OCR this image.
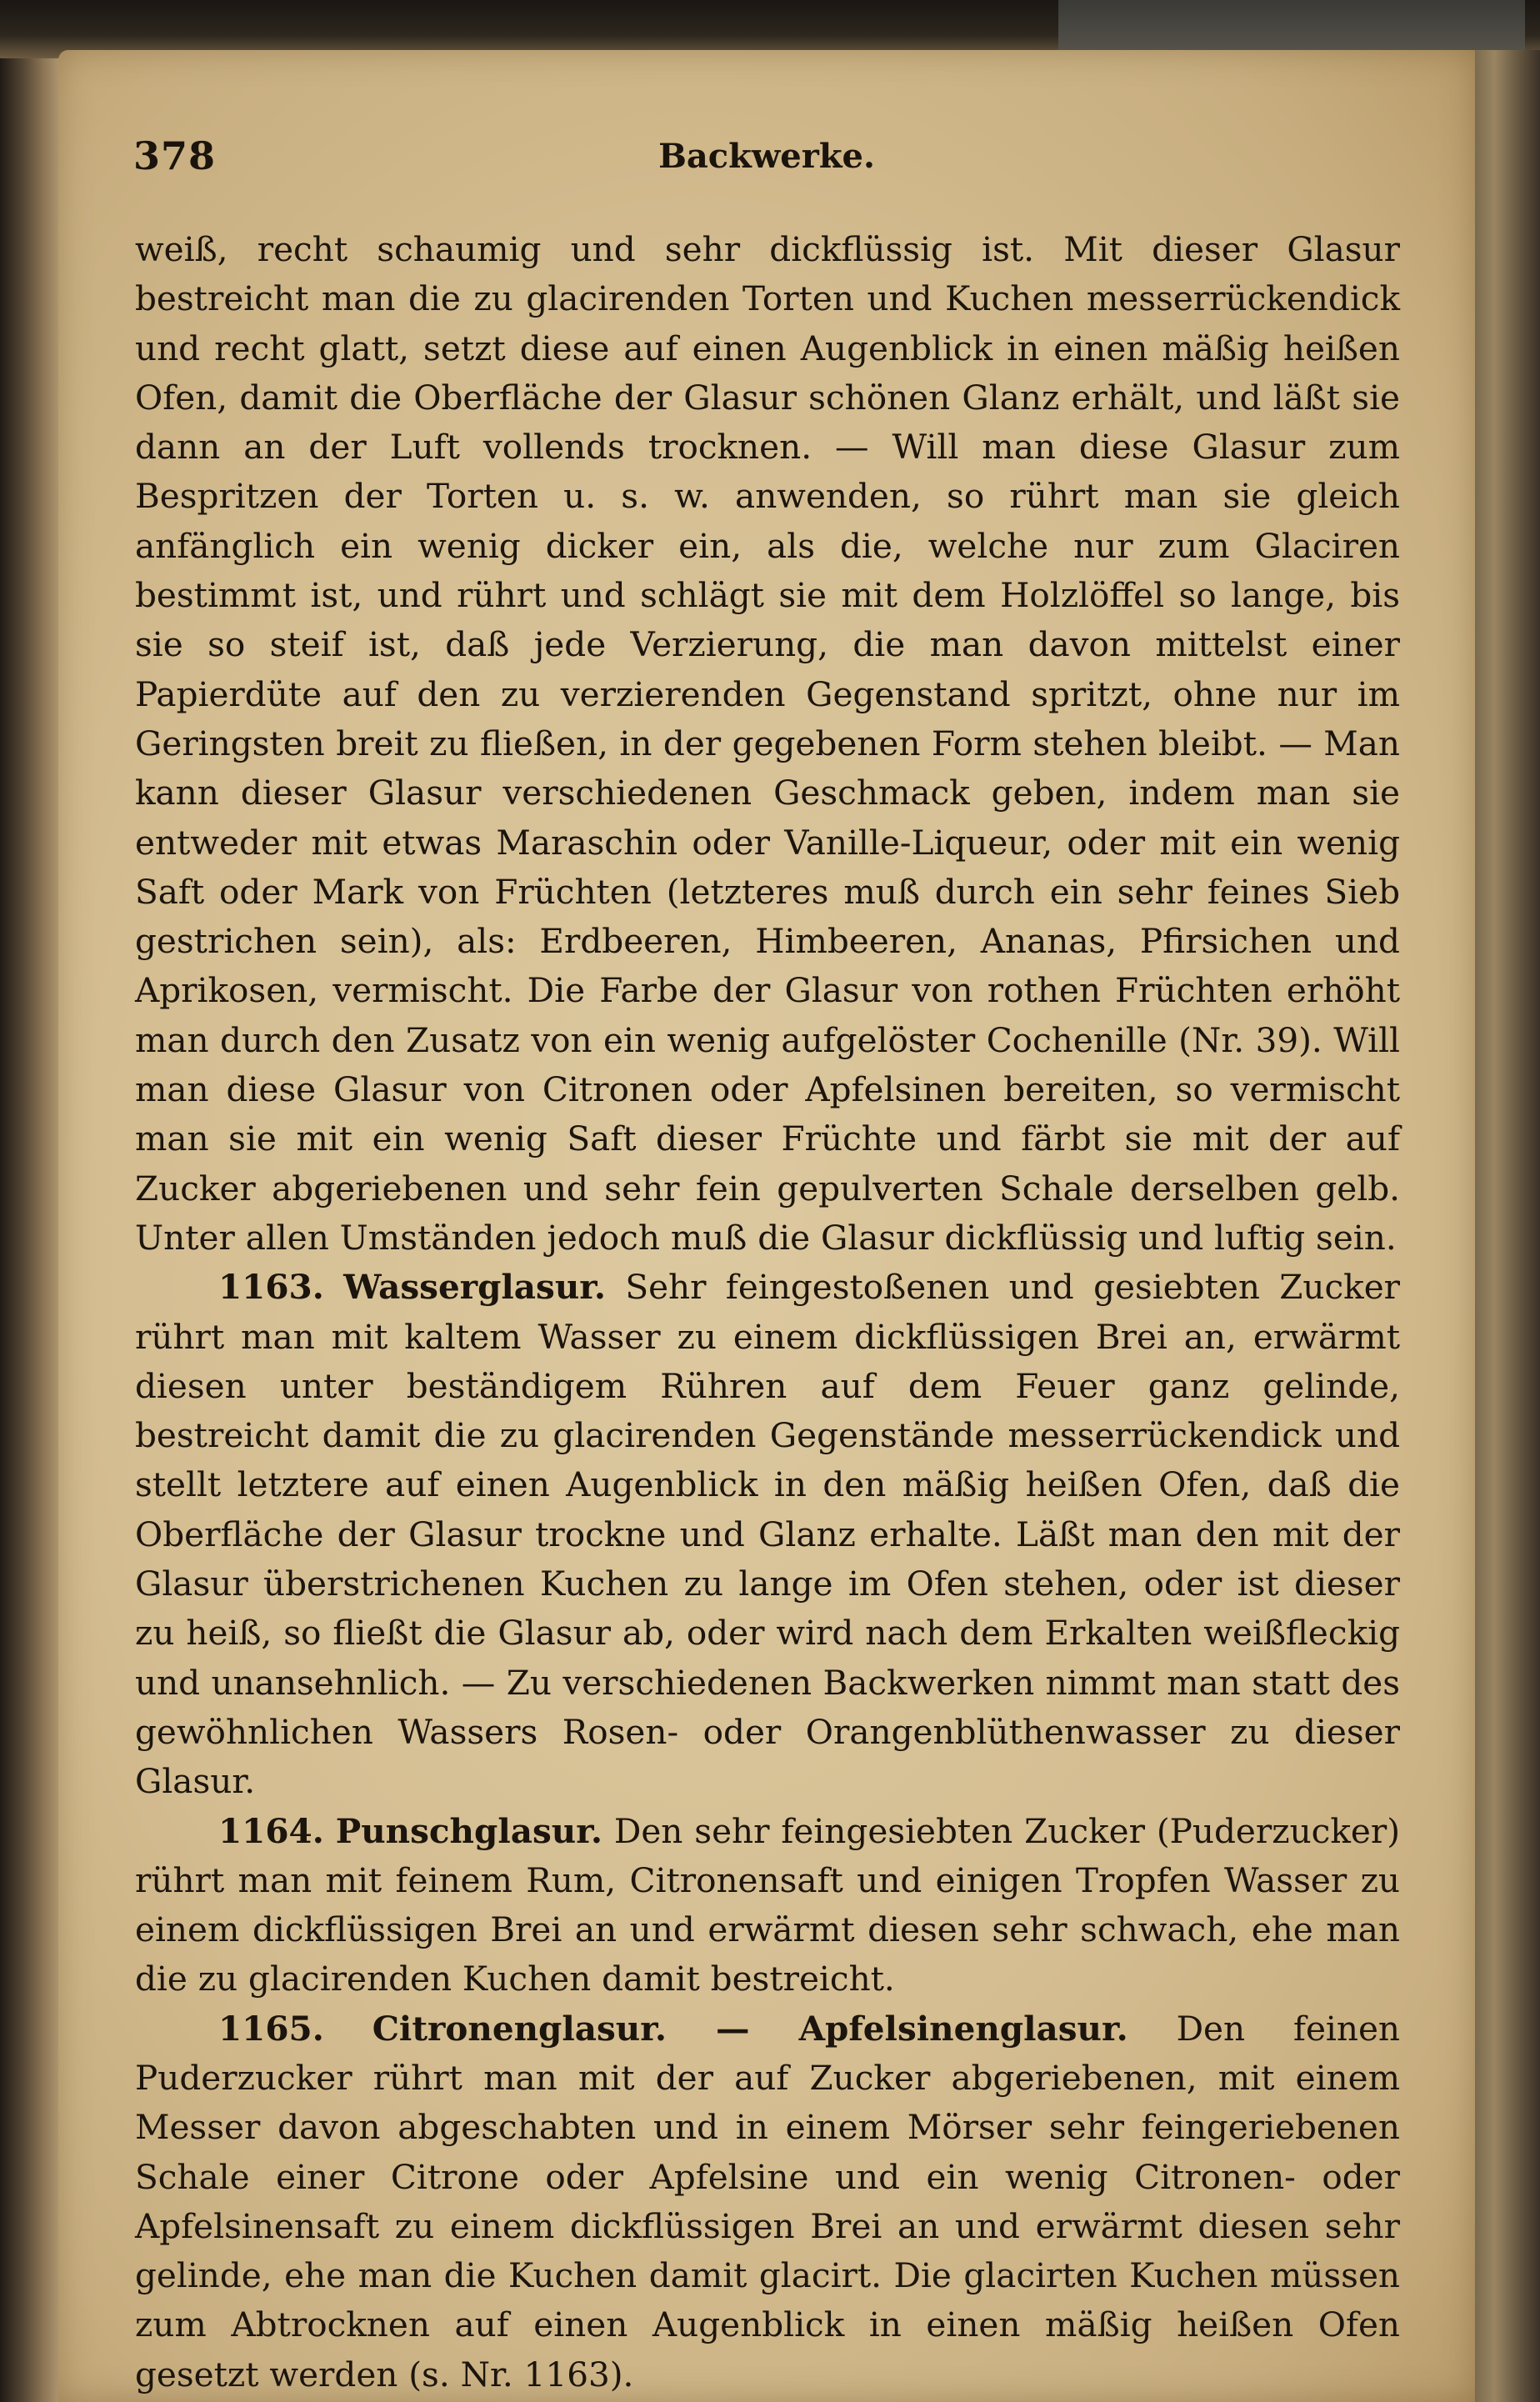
378	Backwerke.

weiß, recht schaumig und sehr dickflüssig ist. Mit dieser Glasur bestreicht man die zu glacirenden Torten und Kuchen messerrückendick und recht glatt, setzt diese auf einen Augenblick in einen mäßig heißen Ofen, damit die Oberfläche der Glasur schönen Glanz erhält, und läßt sie dann an der Luft vollends trocknen. — Will man diese Glasur zum Bespritzen der Torten u. s. w. anwenden, so rührt man sie gleich anfänglich ein wenig dicker ein, als die, welche nur zum Glaciren bestimmt ist, und rührt und schlägt sie mit dem Holzlöffel so lange, bis sie so steif ist, daß jede Verzierung, die man davon mittelst einer Papierdüte auf den zu verzierenden Gegenstand spritzt, ohne nur im Geringsten breit zu fließen, in der gegebenen Form stehen bleibt. — Man kann dieser Glasur verschiedenen Geschmack geben, indem man sie entweder mit etwas Maraschin oder Vanille-Liqueur, oder mit ein wenig Saft oder Mark von Früchten (letzteres muß durch ein sehr feines Sieb gestrichen sein), als: Erdbeeren, Himbeeren, Ananas, Pfirsichen und Aprikosen, vermischt. Die Farbe der Glasur von rothen Früchten erhöht man durch den Zusatz von ein wenig aufgelöster Cochenille (Nr. 39). Will man diese Glasur von Citronen oder Apfelsinen bereiten, so vermischt man sie mit ein wenig Saft dieser Früchte und färbt sie mit der auf Zucker abgeriebenen und sehr fein gepulverten Schale derselben gelb. Unter allen Umständen jedoch muß die Glasur dickflüssig und luftig sein.

1163. Wasserglasur. Sehr feingestoßenen und gesiebten Zucker rührt man mit kaltem Wasser zu einem dickflüssigen Brei an, erwärmt diesen unter beständigem Rühren auf dem Feuer ganz gelinde, bestreicht damit die zu glacirenden Gegenstände messerrückendick und stellt letztere auf einen Augenblick in den mäßig heißen Ofen, daß die Oberfläche der Glasur trockne und Glanz erhalte. Läßt man den mit der Glasur überstrichenen Kuchen zu lange im Ofen stehen, oder ist dieser zu heiß, so fließt die Glasur ab, oder wird nach dem Erkalten weißfleckig und unansehnlich. — Zu verschiedenen Backwerken nimmt man statt des gewöhnlichen Wassers Rosen- oder Orangenblüthenwasser zu dieser Glasur.

1164. Punschglasur. Den sehr feingesiebten Zucker (Puderzucker) rührt man mit feinem Rum, Citronensaft und einigen Tropfen Wasser zu einem dickflüssigen Brei an und erwärmt diesen sehr schwach, ehe man die zu glacirenden Kuchen damit bestreicht.

1165. Citronenglasur. — Apfelsinenglasur. Den feinen Puderzucker rührt man mit der auf Zucker abgeriebenen, mit einem Messer davon abgeschabten und in einem Mörser sehr feingeriebenen Schale einer Citrone oder Apfelsine und ein wenig Citronen- oder Apfelsinensaft zu einem dickflüssigen Brei an und erwärmt diesen sehr gelinde, ehe man die Kuchen damit glacirt. Die glacirten Kuchen müssen zum Abtrocknen auf einen Augenblick in einen mäßig heißen Ofen gesetzt werden (s. Nr. 1163).
